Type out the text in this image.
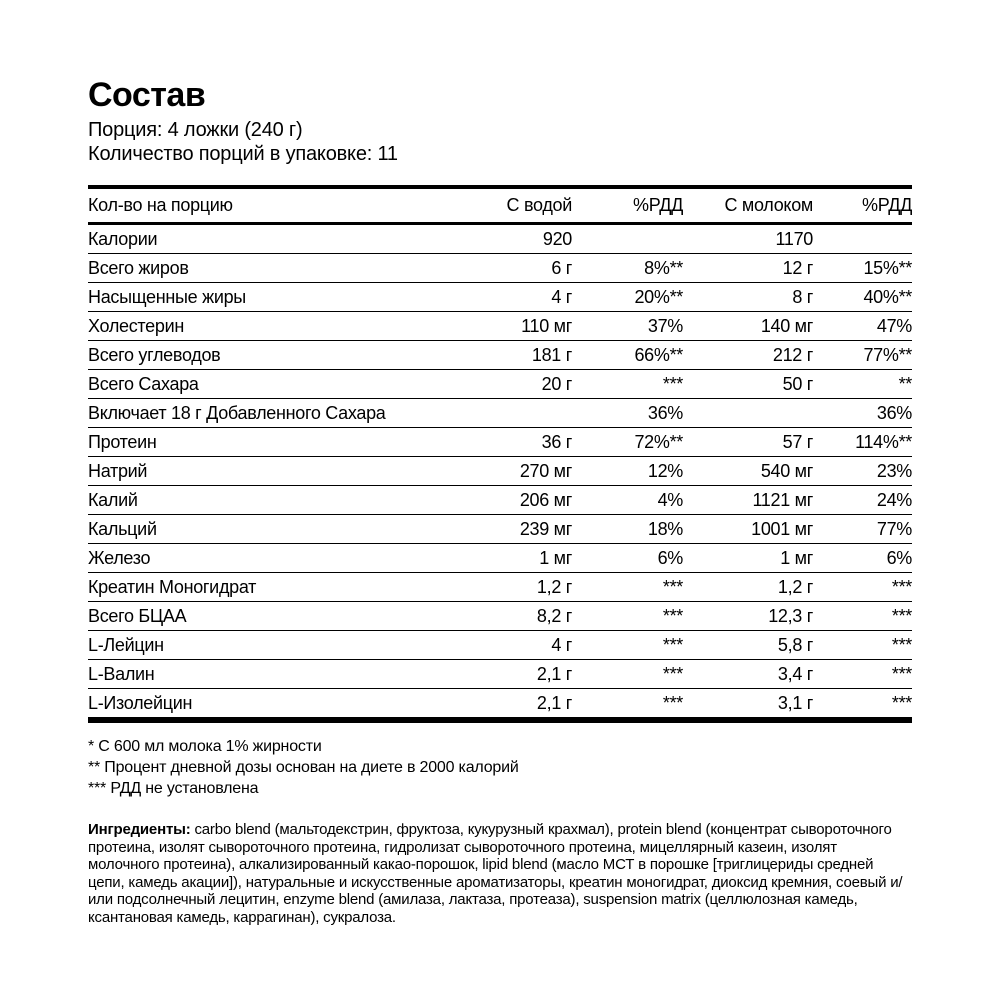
Состав

Порция: 4 ложки (240 г)

Количество порций в упаковке: 11

Кол-во на порцию	С водой	%РДД	С молоком	%РДД
Калории	920		1170	
Всего жиров	6 г	8%**	12 г	15%**
Насыщенные жиры	4 г	20%**	8 г	40%**
Холестерин	110 мг	37%	140 мг	47%
Всего углеводов	181 г	66%**	212 г	77%**
Всего Сахара	20 г	***	50 г	**
Включает 18 г Добавленного Сахара		36%		36%
Протеин	36 г	72%**	57 г	114%**
Натрий	270 мг	12%	540 мг	23%
Калий	206 мг	4%	1121 мг	24%
Кальций	239 мг	18%	1001 мг	77%
Железо	1 мг	6%	1 мг	6%
Креатин Моногидрат	1,2 г	***	1,2 г	***
Всего БЦАА	8,2 г	***	12,3 г	***
L-Лейцин	4 г	***	5,8 г	***
L-Валин	2,1 г	***	3,4 г	***
L-Изолейцин	2,1 г	***	3,1 г	***

* С 600 мл молока 1% жирности

** Процент дневной дозы основан на диете в 2000 калорий

*** РДД не установлена

Ингредиенты: carbo blend (мальтодекстрин, фруктоза, кукурузный крахмал), protein blend (концентрат сывороточного протеина, изолят сывороточного протеина, гидролизат сывороточного протеина, мицеллярный казеин, изолят молочного протеина), алкализированный какао-порошок, lipid blend (масло МСТ в порошке [триглицериды средней цепи, камедь акации]), натуральные и искусственные ароматизаторы, креатин моногидрат, диоксид кремния, соевый и/или подсолнечный лецитин, enzyme blend (амилаза, лактаза, протеаза), suspension matrix (целлюлозная камедь, ксантановая камедь, каррагинан), сукралоза.
